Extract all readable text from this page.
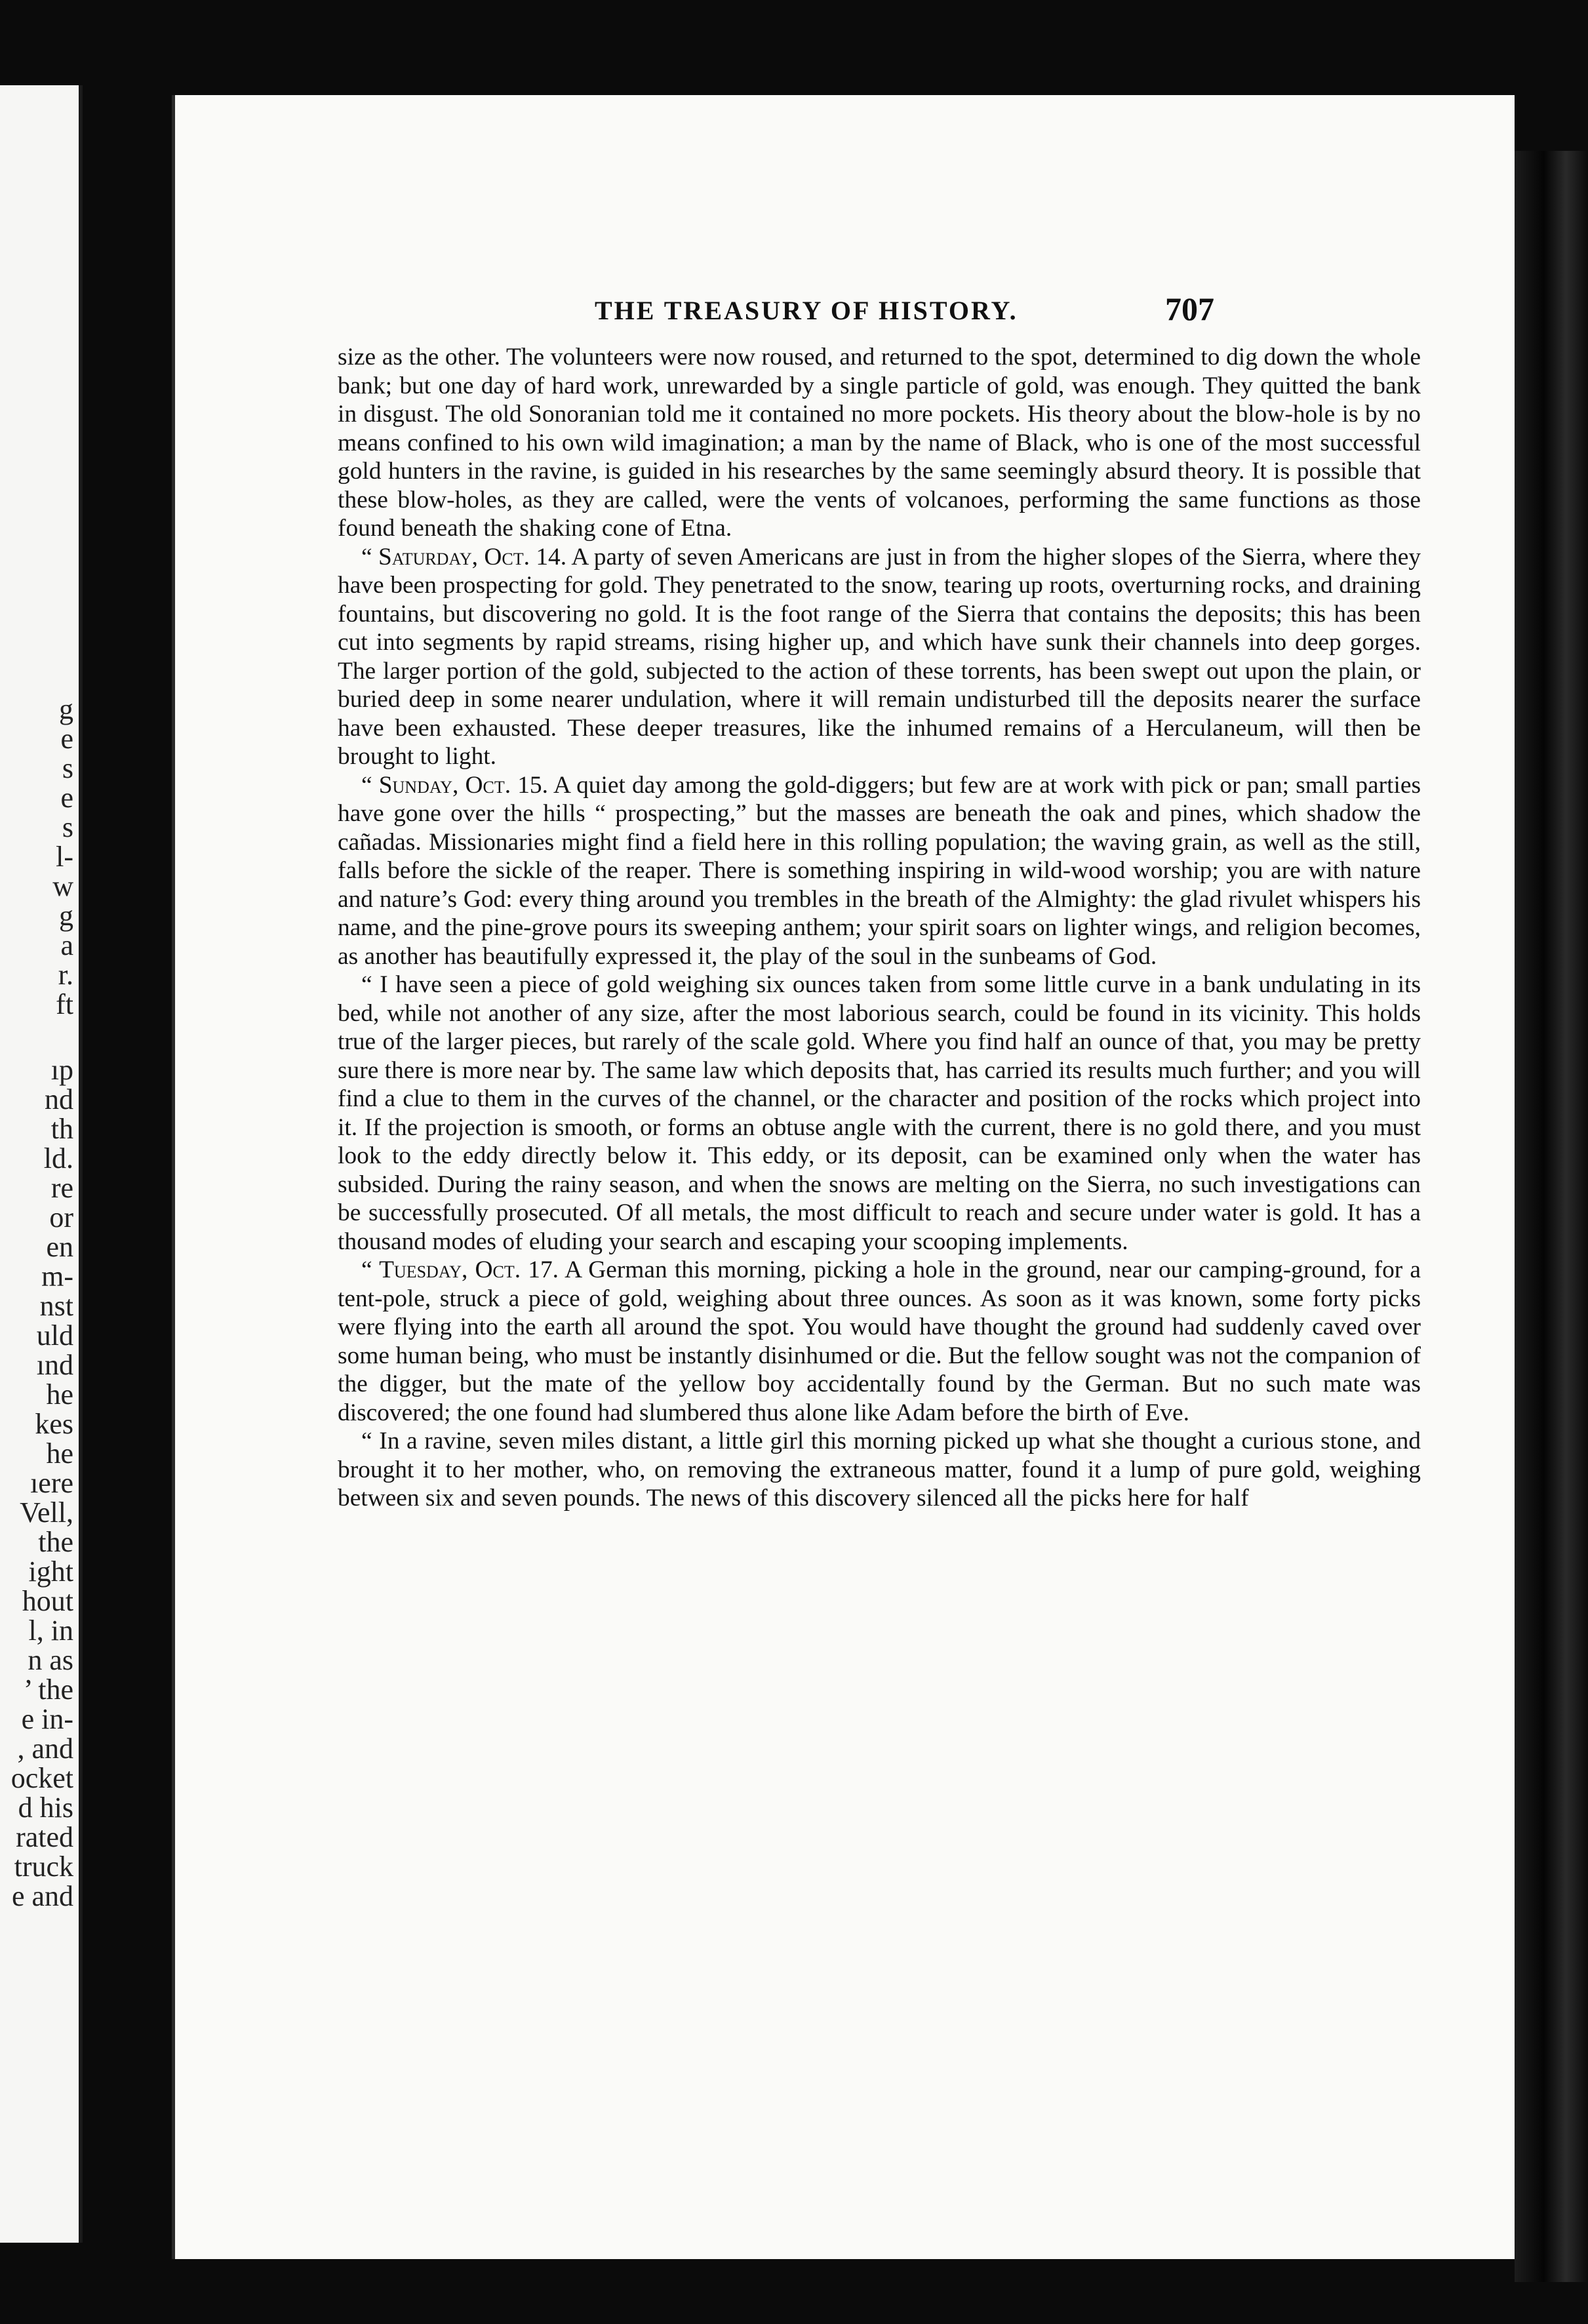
g
e
s
e
s
l-
w
g
a
r.
ft
ıp
nd
th
ld.
re
or
en
m-
nst
uld
ınd
he
kes
he
ıere
Vell,
the
ight
hout
l, in
n as
’ the
e in-
, and
ocket
d his
rated
truck
e and
THE TREASURY OF HISTORY.	707

size as the other. The volunteers were now roused, and returned to the spot, determined to dig down the whole bank; but one day of hard work, unrewarded by a single particle of gold, was enough. They quitted the bank in disgust. The old Sonoranian told me it contained no more pockets. His theory about the blow-hole is by no means confined to his own wild imagination; a man by the name of Black, who is one of the most successful gold hunters in the ravine, is guided in his researches by the same seemingly absurd theory. It is possible that these blow-holes, as they are called, were the vents of volcanoes, performing the same functions as those found beneath the shaking cone of Etna.

“ Saturday, Oct. 14. A party of seven Americans are just in from the higher slopes of the Sierra, where they have been prospecting for gold. They penetrated to the snow, tearing up roots, overturning rocks, and draining fountains, but discovering no gold. It is the foot range of the Sierra that contains the deposits; this has been cut into segments by rapid streams, rising higher up, and which have sunk their channels into deep gorges. The larger portion of the gold, subjected to the action of these torrents, has been swept out upon the plain, or buried deep in some nearer undulation, where it will remain undisturbed till the deposits nearer the surface have been exhausted. These deeper treasures, like the inhumed remains of a Herculaneum, will then be brought to light.

“ Sunday, Oct. 15. A quiet day among the gold-diggers; but few are at work with pick or pan; small parties have gone over the hills “ prospecting,” but the masses are beneath the oak and pines, which shadow the cañadas. Missionaries might find a field here in this rolling population; the waving grain, as well as the still, falls before the sickle of the reaper. There is something inspiring in wild-wood worship; you are with nature and nature’s God: every thing around you trembles in the breath of the Almighty: the glad rivulet whispers his name, and the pine-grove pours its sweeping anthem; your spirit soars on lighter wings, and religion becomes, as another has beautifully expressed it, the play of the soul in the sunbeams of God.

“ I have seen a piece of gold weighing six ounces taken from some little curve in a bank undulating in its bed, while not another of any size, after the most laborious search, could be found in its vicinity. This holds true of the larger pieces, but rarely of the scale gold. Where you find half an ounce of that, you may be pretty sure there is more near by. The same law which deposits that, has carried its results much further; and you will find a clue to them in the curves of the channel, or the character and position of the rocks which project into it. If the projection is smooth, or forms an obtuse angle with the current, there is no gold there, and you must look to the eddy directly below it. This eddy, or its deposit, can be examined only when the water has subsided. During the rainy season, and when the snows are melting on the Sierra, no such investigations can be successfully prosecuted. Of all metals, the most difficult to reach and secure under water is gold. It has a thousand modes of eluding your search and escaping your scooping implements.

“ Tuesday, Oct. 17. A German this morning, picking a hole in the ground, near our camping-ground, for a tent-pole, struck a piece of gold, weighing about three ounces. As soon as it was known, some forty picks were flying into the earth all around the spot. You would have thought the ground had suddenly caved over some human being, who must be instantly disinhumed or die. But the fellow sought was not the companion of the digger, but the mate of the yellow boy accidentally found by the German. But no such mate was discovered; the one found had slumbered thus alone like Adam before the birth of Eve.

“ In a ravine, seven miles distant, a little girl this morning picked up what she thought a curious stone, and brought it to her mother, who, on removing the extraneous matter, found it a lump of pure gold, weighing between six and seven pounds. The news of this discovery silenced all the picks here for half
